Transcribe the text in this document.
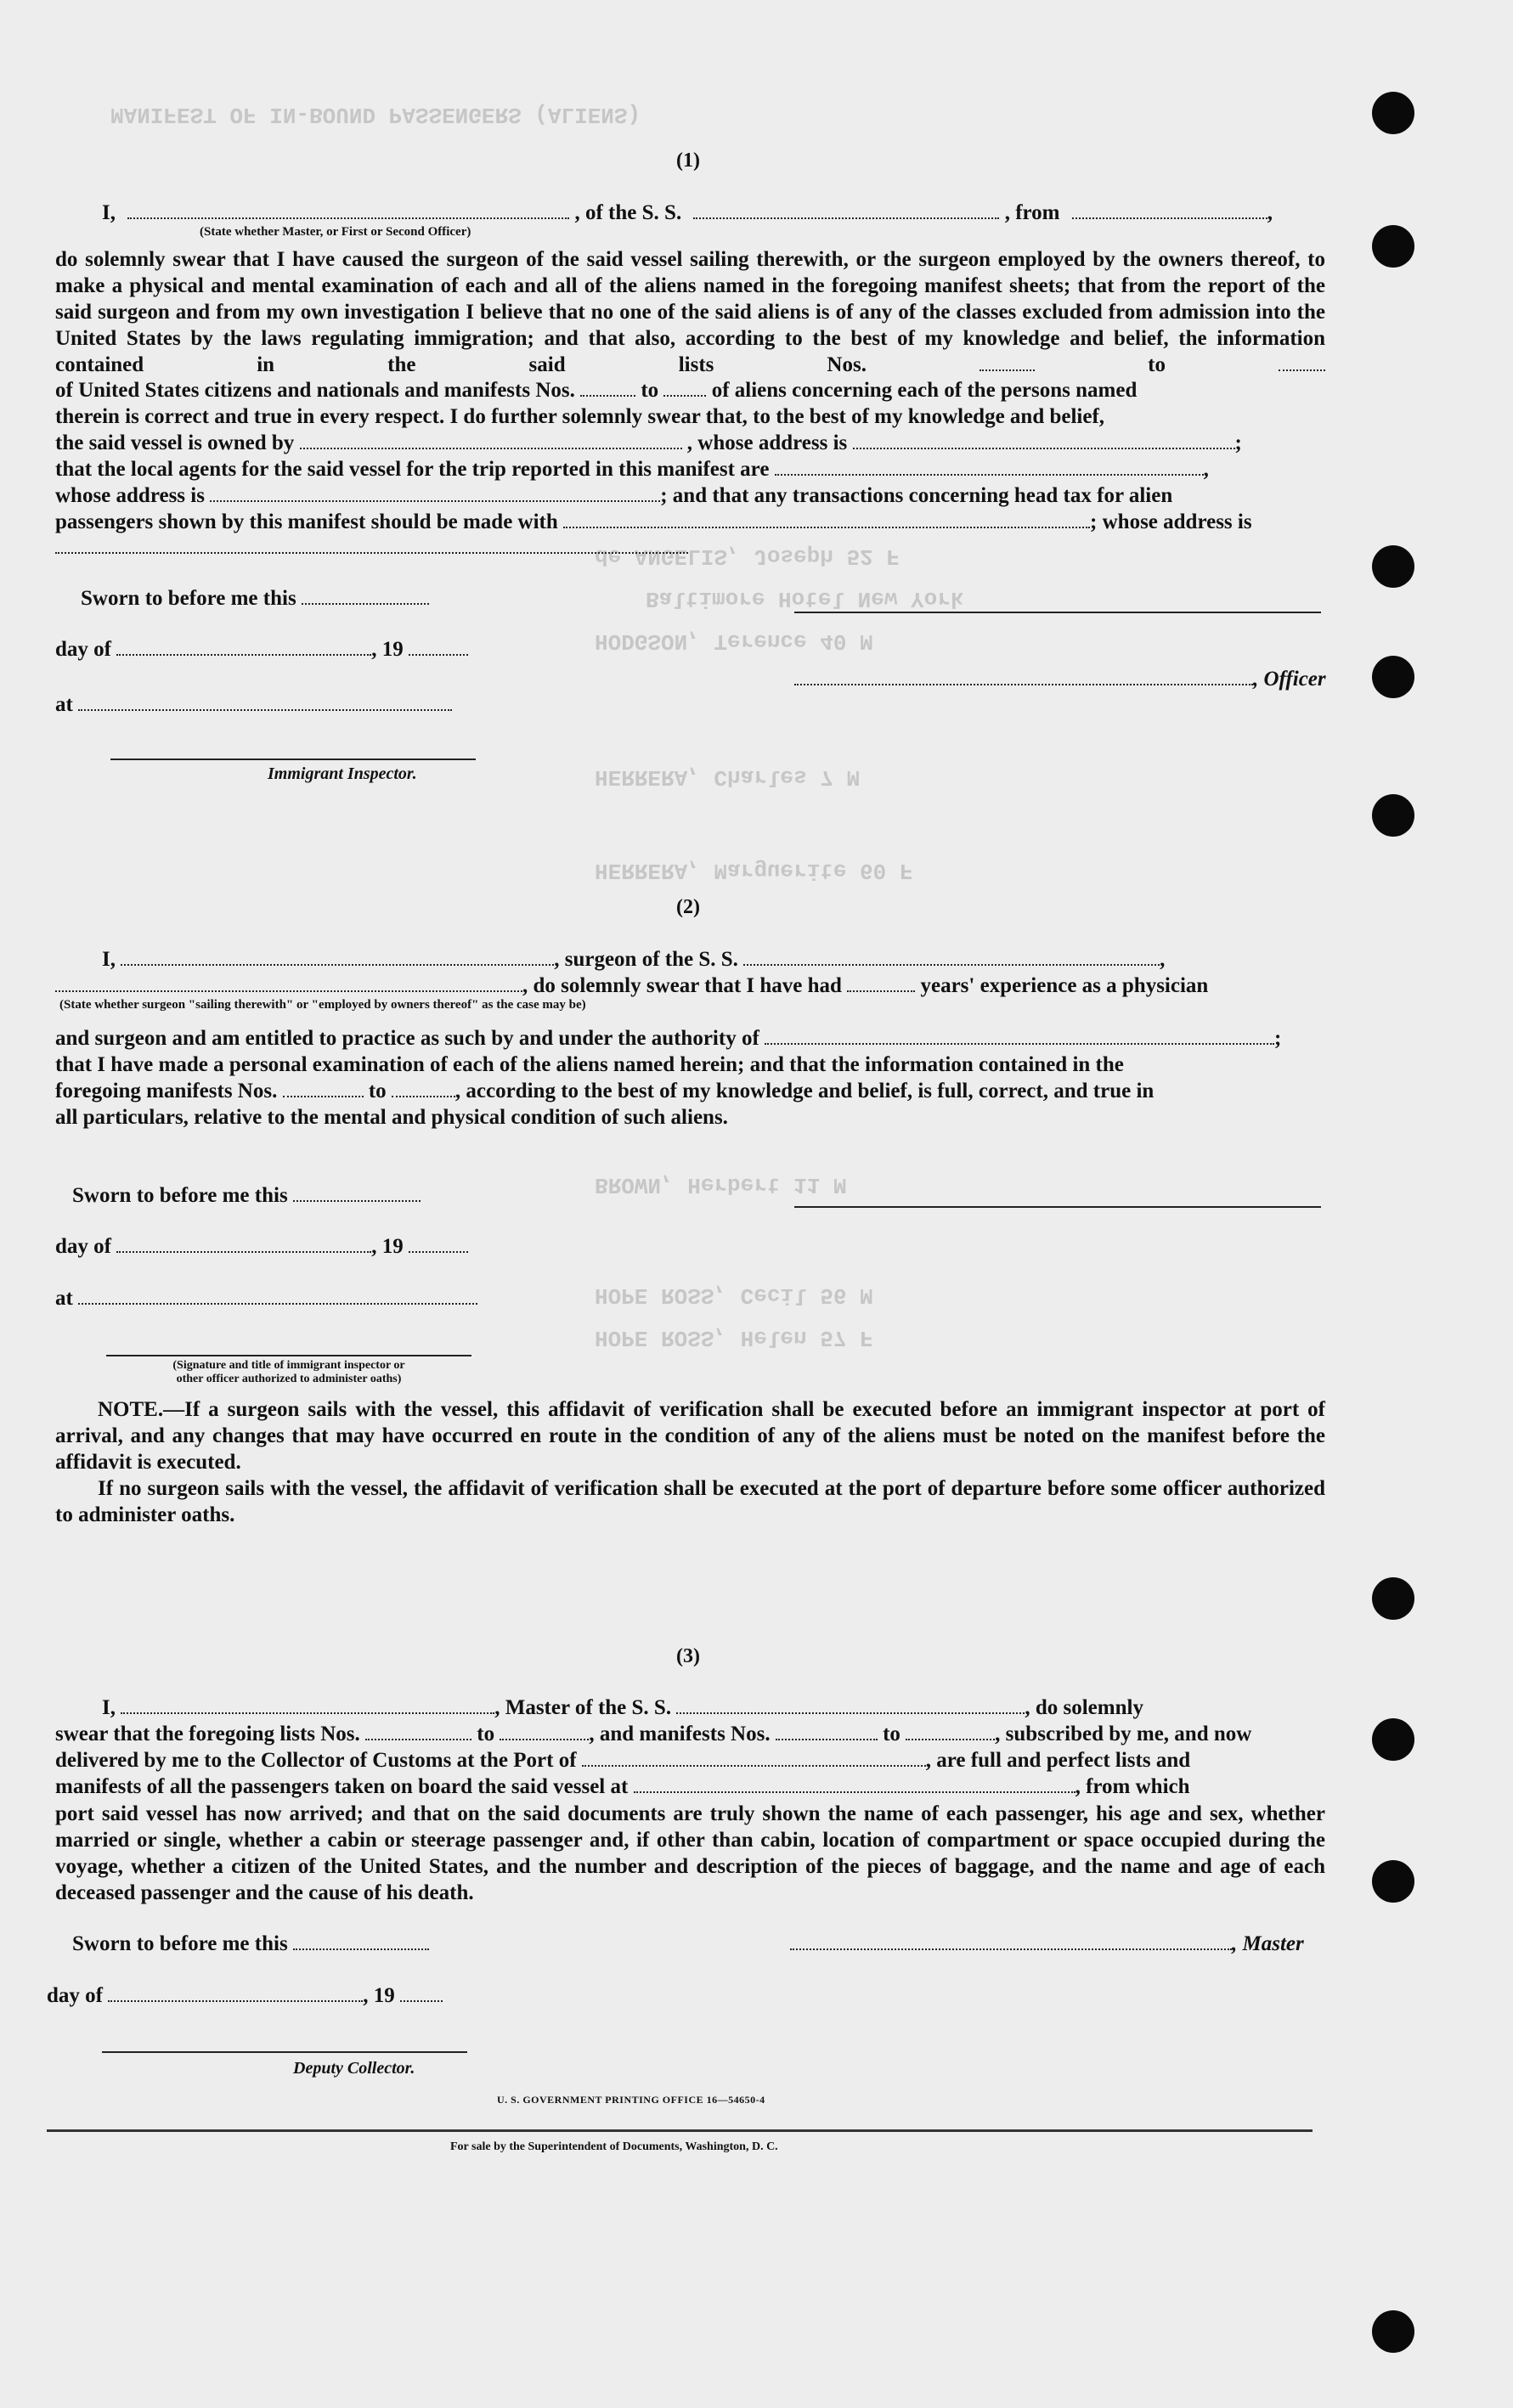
MANIFEST OF IN-BOUND PASSENGERS (ALIENS)
de ANGELIS, Joseph 52 F
Baltimore Hotel New York
HODGSON, Terence 40 M
HERRERA, Charles 7 M
HERRERA, Marguerite 60 F
BROWN, Herbert 11 M
HOPE ROSS, Cecil 56 M
HOPE ROSS, Helen 57 F
(1)
I,	, of the S. S.	, from	,
(State whether Master, or First or Second Officer)
do solemnly swear that I have caused the surgeon of the said vessel sailing therewith, or the surgeon employed by the owners thereof, to make a physical and mental examination of each and all of the aliens named in the foregoing manifest sheets; that from the report of the said surgeon and from my own investigation I believe that no one of the said aliens is of any of the classes excluded from admission into the United States by the laws regulating immigration; and that also, according to the best of my knowledge and belief, the information contained in the said lists Nos.	to
of United States citizens and nationals and manifests Nos.	to	of aliens concerning each of the persons named
therein is correct and true in every respect. I do further solemnly swear that, to the best of my knowledge and belief,
the said vessel is owned by	, whose address is	;
that the local agents for the said vessel for the trip reported in this manifest are	,
whose address is	; and that any transactions concerning head tax for alien
passengers shown by this manifest should be made with	; whose address is
Sworn to before me this
day of	, 19
, Officer
at
Immigrant Inspector.
(2)
I,	, surgeon of the S. S.	,
, do solemnly swear that I have had	years' experience as a physician
(State whether surgeon "sailing therewith" or "employed by owners thereof" as the case may be)
and surgeon and am entitled to practice as such by and under the authority of	;
that I have made a personal examination of each of the aliens named herein; and that the information contained in the
foregoing manifests Nos.	to	, according to the best of my knowledge and belief, is full, correct, and true in
all particulars, relative to the mental and physical condition of such aliens.
Sworn to before me this
day of	, 19
at
(Signature and title of immigrant inspector or
other officer authorized to administer oaths)
NOTE.—If a surgeon sails with the vessel, this affidavit of verification shall be executed before an immigrant inspector at port of arrival, and any changes that may have occurred en route in the condition of any of the aliens must be noted on the manifest before the affidavit is executed.
If no surgeon sails with the vessel, the affidavit of verification shall be executed at the port of departure before some officer authorized to administer oaths.
(3)
I,	, Master of the S. S.	, do solemnly
swear that the foregoing lists Nos.	to	, and manifests Nos.	to	, subscribed by me, and now
delivered by me to the Collector of Customs at the Port of	, are full and perfect lists and
manifests of all the passengers taken on board the said vessel at	, from which
port said vessel has now arrived; and that on the said documents are truly shown the name of each passenger, his age and sex, whether married or single, whether a cabin or steerage passenger and, if other than cabin, location of compartment or space occupied during the voyage, whether a citizen of the United States, and the number and description of the pieces of baggage, and the name and age of each deceased passenger and the cause of his death.
Sworn to before me this	, Master
day of	, 19
Deputy Collector.
U. S. GOVERNMENT PRINTING OFFICE 16—54650-4
For sale by the Superintendent of Documents, Washington, D. C.
